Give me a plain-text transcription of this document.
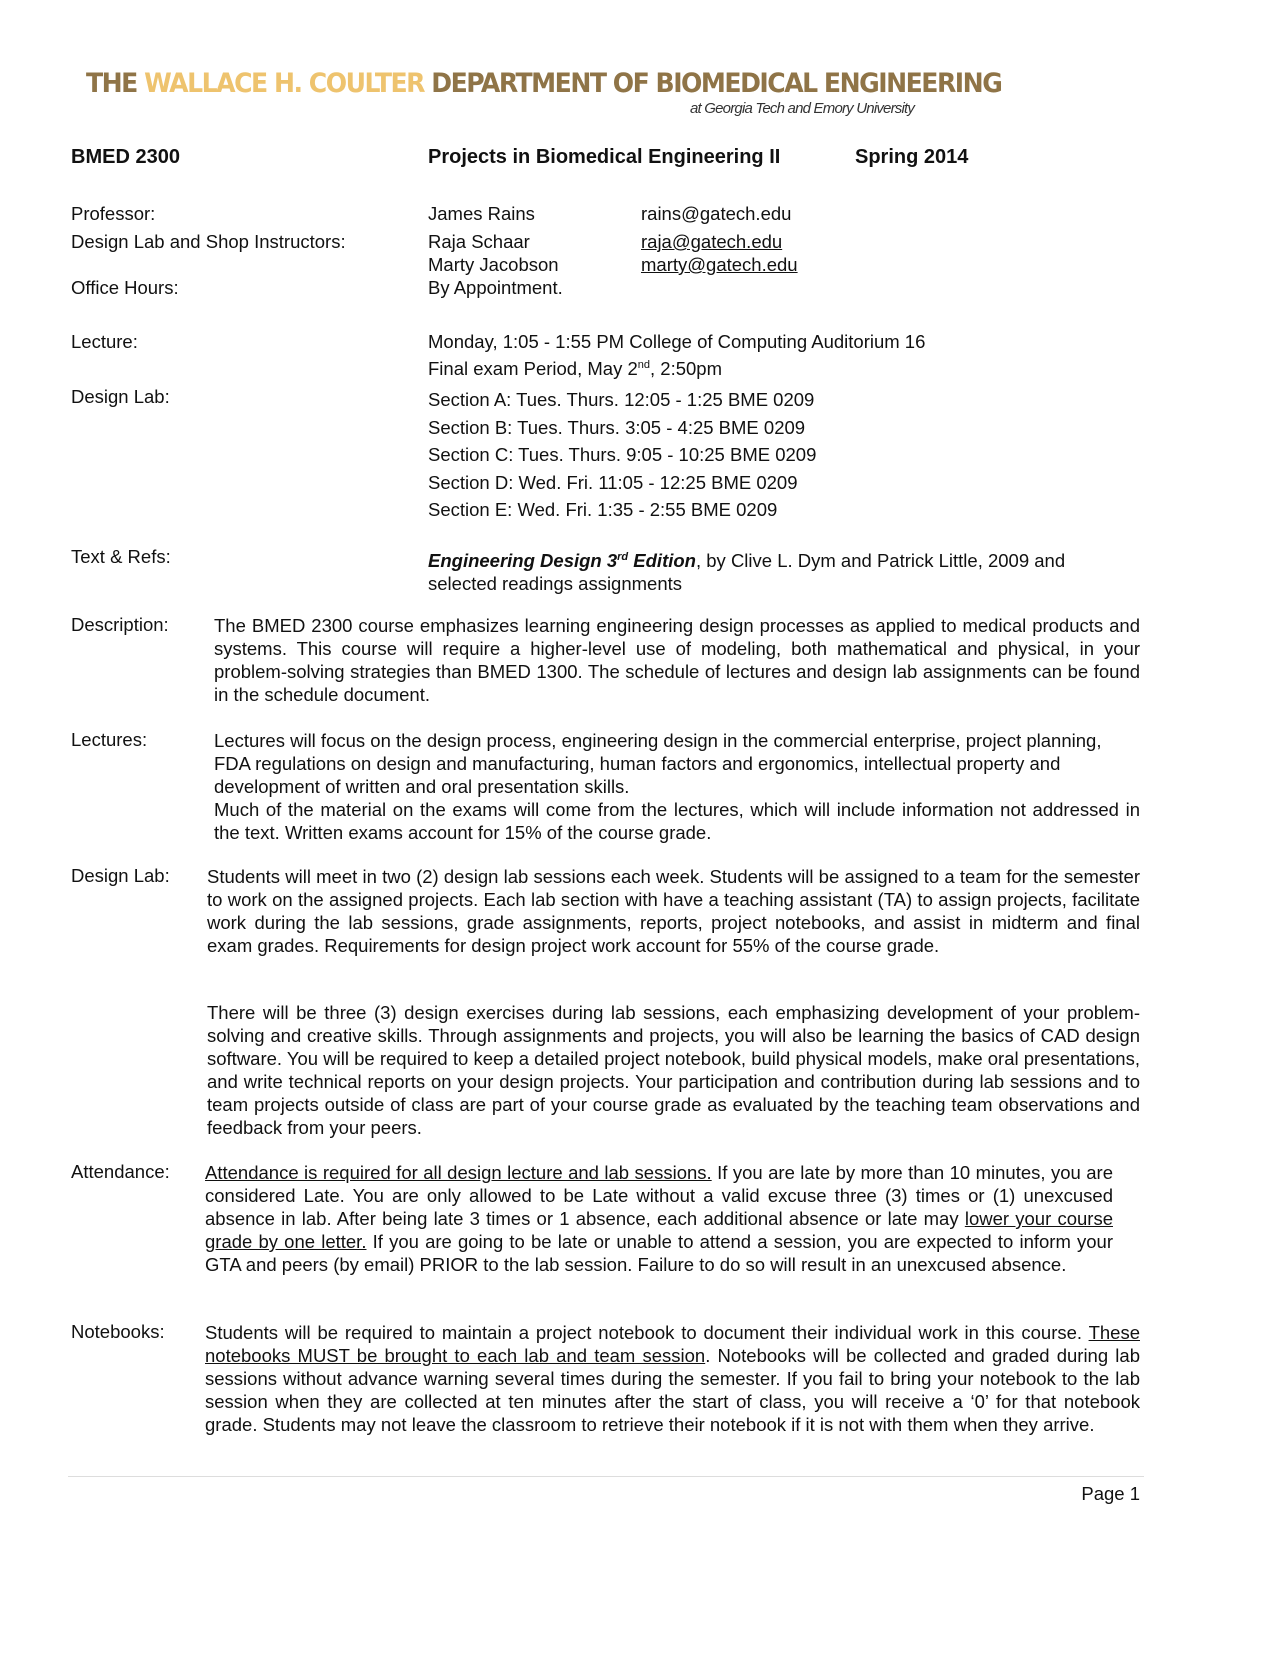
THE WALLACE H. COULTER DEPARTMENT OF BIOMEDICAL ENGINEERING
at Georgia Tech and Emory University
BMED 2300	Projects in Biomedical Engineering II	Spring 2014
Professor:	James Rains	rains@gatech.edu
Design Lab and Shop Instructors:	Raja Schaar	raja@gatech.edu
Marty Jacobson	marty@gatech.edu
Office Hours:	By Appointment.
Lecture:	Monday, 1:05 - 1:55 PM College of Computing Auditorium 16
Final exam Period, May 2nd, 2:50pm
Design Lab:	Section A: Tues. Thurs. 12:05 - 1:25 BME 0209
Section B: Tues. Thurs. 3:05 - 4:25 BME 0209
Section C: Tues. Thurs. 9:05 - 10:25 BME 0209
Section D: Wed. Fri. 11:05 - 12:25 BME 0209
Section E: Wed. Fri. 1:35 - 2:55 BME 0209
Text & Refs:	Engineering Design 3rd Edition, by Clive L. Dym and Patrick Little, 2009 and selected readings assignments
Description: The BMED 2300 course emphasizes learning engineering design processes as applied to medical products and systems. This course will require a higher-level use of modeling, both mathematical and physical, in your problem-solving strategies than BMED 1300. The schedule of lectures and design lab assignments can be found in the schedule document.
Lectures:	Lectures will focus on the design process, engineering design in the commercial enterprise, project planning, FDA regulations on design and manufacturing, human factors and ergonomics, intellectual property and development of written and oral presentation skills.
Much of the material on the exams will come from the lectures, which will include information not addressed in the text. Written exams account for 15% of the course grade.
Design Lab: Students will meet in two (2) design lab sessions each week. Students will be assigned to a team for the semester to work on the assigned projects. Each lab section with have a teaching assistant (TA) to assign projects, facilitate work during the lab sessions, grade assignments, reports, project notebooks, and assist in midterm and final exam grades. Requirements for design project work account for 55% of the course grade.
There will be three (3) design exercises during lab sessions, each emphasizing development of your problem-solving and creative skills. Through assignments and projects, you will also be learning the basics of CAD design software. You will be required to keep a detailed project notebook, build physical models, make oral presentations, and write technical reports on your design projects. Your participation and contribution during lab sessions and to team projects outside of class are part of your course grade as evaluated by the teaching team observations and feedback from your peers.
Attendance: Attendance is required for all design lecture and lab sessions. If you are late by more than 10 minutes, you are considered Late. You are only allowed to be Late without a valid excuse three (3) times or (1) unexcused absence in lab. After being late 3 times or 1 absence, each additional absence or late may lower your course grade by one letter. If you are going to be late or unable to attend a session, you are expected to inform your GTA and peers (by email) PRIOR to the lab session. Failure to do so will result in an unexcused absence.
Notebooks: Students will be required to maintain a project notebook to document their individual work in this course. These notebooks MUST be brought to each lab and team session. Notebooks will be collected and graded during lab sessions without advance warning several times during the semester. If you fail to bring your notebook to the lab session when they are collected at ten minutes after the start of class, you will receive a ‘0’ for that notebook grade. Students may not leave the classroom to retrieve their notebook if it is not with them when they arrive.
Page 1
